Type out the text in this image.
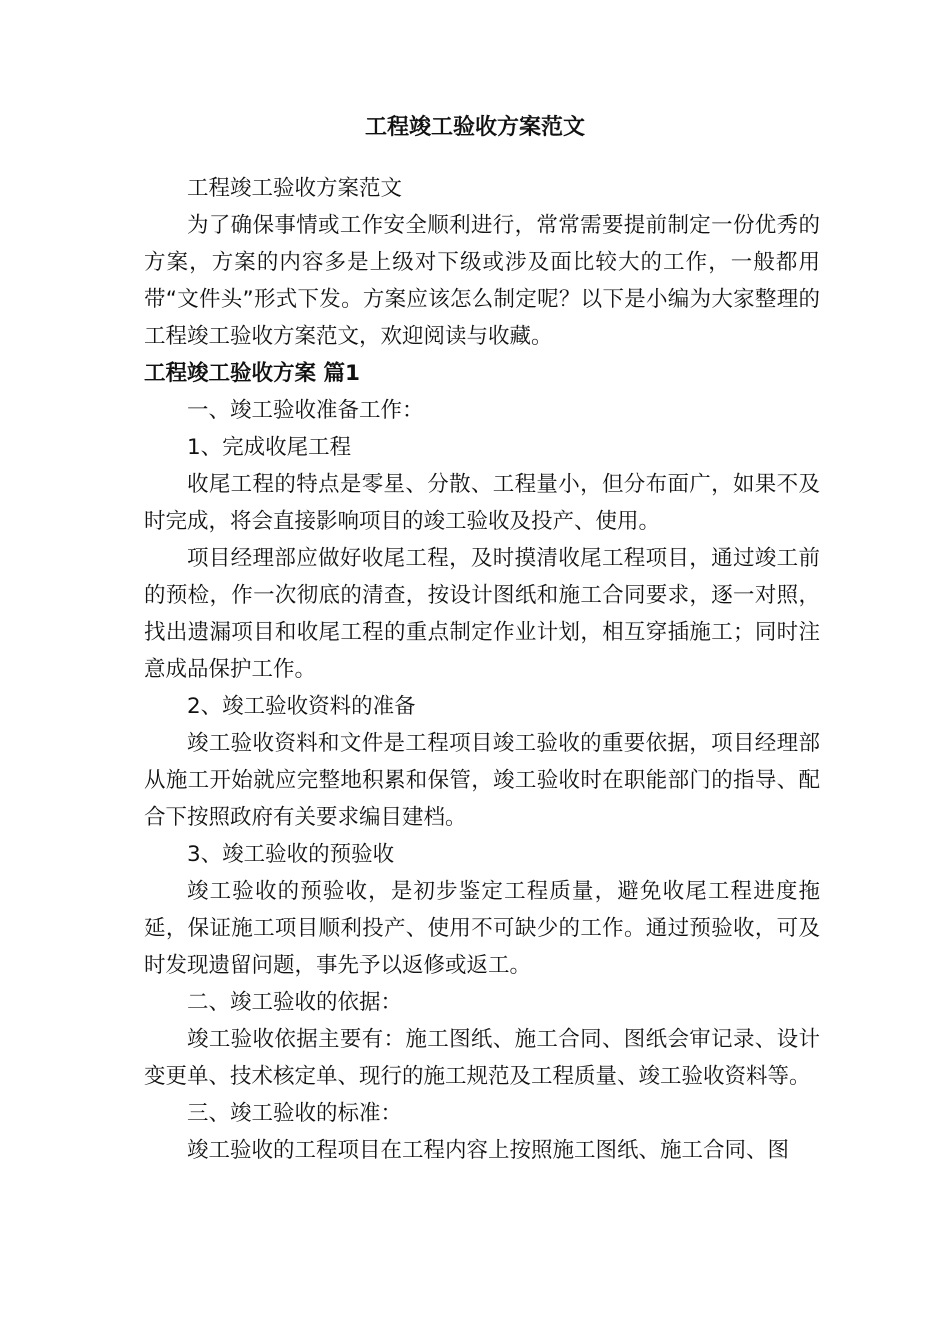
工程竣工验收方案范文

工程竣工验收方案范文

为了确保事情或工作安全顺利进行，常常需要提前制定一份优秀的方案，方案的内容多是上级对下级或涉及面比较大的工作，一般都用带“文件头”形式下发。方案应该怎么制定呢？以下是小编为大家整理的工程竣工验收方案范文，欢迎阅读与收藏。

工程竣工验收方案 篇1

一、竣工验收准备工作：

1、完成收尾工程

收尾工程的特点是零星、分散、工程量小，但分布面广，如果不及时完成，将会直接影响项目的竣工验收及投产、使用。

项目经理部应做好收尾工程，及时摸清收尾工程项目，通过竣工前的预检，作一次彻底的清查，按设计图纸和施工合同要求，逐一对照，找出遗漏项目和收尾工程的重点制定作业计划，相互穿插施工；同时注意成品保护工作。

2、竣工验收资料的准备

竣工验收资料和文件是工程项目竣工验收的重要依据，项目经理部从施工开始就应完整地积累和保管，竣工验收时在职能部门的指导、配合下按照政府有关要求编目建档。

3、竣工验收的预验收

竣工验收的预验收，是初步鉴定工程质量，避免收尾工程进度拖延，保证施工项目顺利投产、使用不可缺少的工作。通过预验收，可及时发现遗留问题，事先予以返修或返工。

二、竣工验收的依据：

竣工验收依据主要有：施工图纸、施工合同、图纸会审记录、设计变更单、技术核定单、现行的施工规范及工程质量、竣工验收资料等。

三、竣工验收的标准：

竣工验收的工程项目在工程内容上按照施工图纸、施工合同、图
